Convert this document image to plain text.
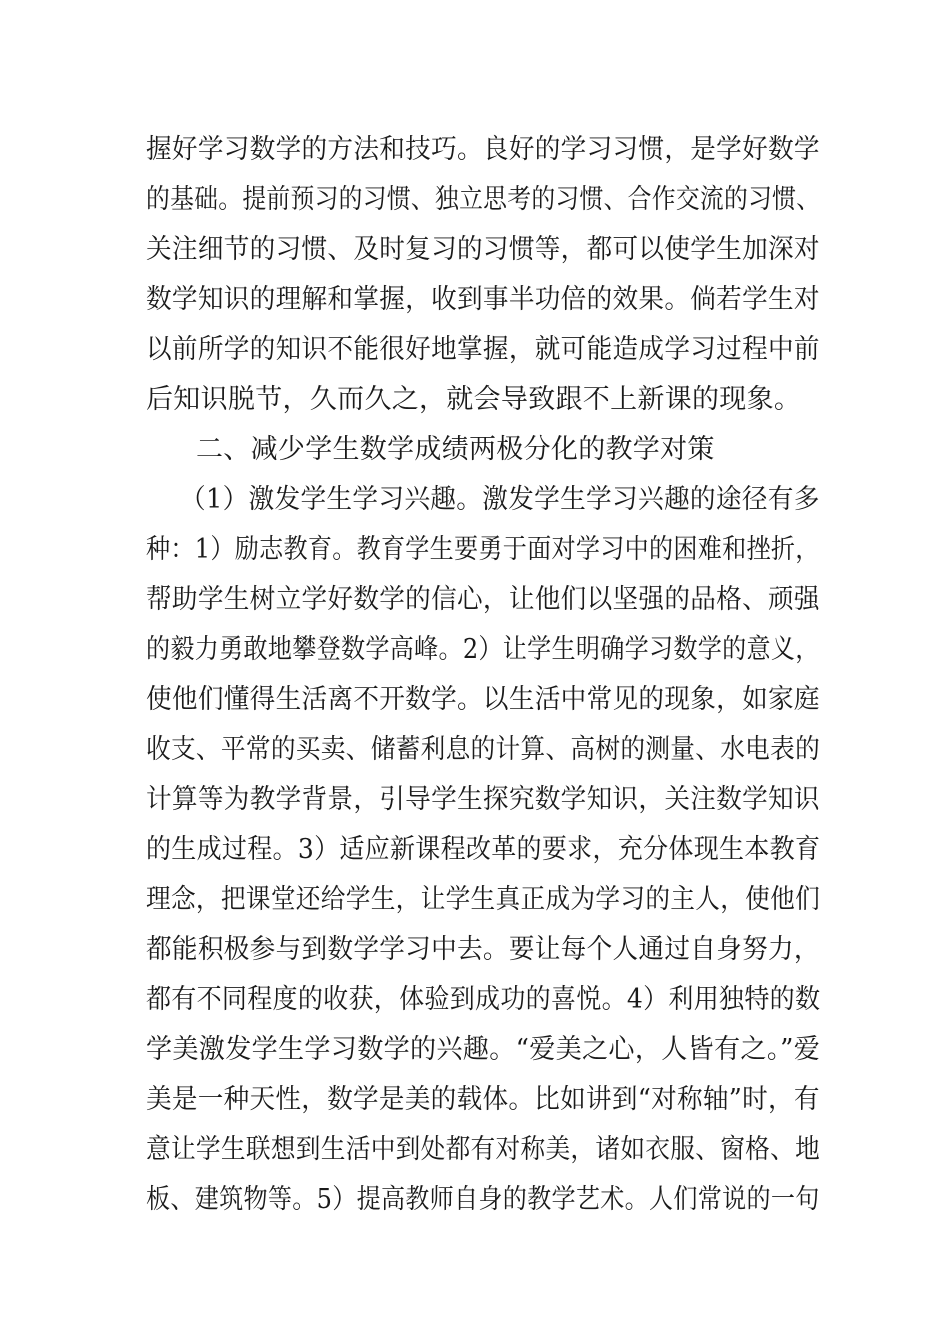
握好学习数学的方法和技巧。良好的学习习惯，是学好数学
的基础。提前预习的习惯、独立思考的习惯、合作交流的习惯、
关注细节的习惯、及时复习的习惯等，都可以使学生加深对
数学知识的理解和掌握，收到事半功倍的效果。倘若学生对
以前所学的知识不能很好地掌握，就可能造成学习过程中前
后知识脱节，久而久之，就会导致跟不上新课的现象。
二、减少学生数学成绩两极分化的教学对策
（1）激发学生学习兴趣。激发学生学习兴趣的途径有多
种：1）励志教育。教育学生要勇于面对学习中的困难和挫折，
帮助学生树立学好数学的信心，让他们以坚强的品格、顽强
的毅力勇敢地攀登数学高峰。2）让学生明确学习数学的意义，
使他们懂得生活离不开数学。以生活中常见的现象，如家庭
收支、平常的买卖、储蓄利息的计算、高树的测量、水电表的
计算等为教学背景，引导学生探究数学知识，关注数学知识
的生成过程。3）适应新课程改革的要求，充分体现生本教育
理念，把课堂还给学生，让学生真正成为学习的主人，使他们
都能积极参与到数学学习中去。要让每个人通过自身努力，
都有不同程度的收获，体验到成功的喜悦。4）利用独特的数
学美激发学生学习数学的兴趣。“爱美之心，人皆有之。”爱
美是一种天性，数学是美的载体。比如讲到“对称轴”时，有
意让学生联想到生活中到处都有对称美，诸如衣服、窗格、地
板、建筑物等。5）提高教师自身的教学艺术。人们常说的一句
